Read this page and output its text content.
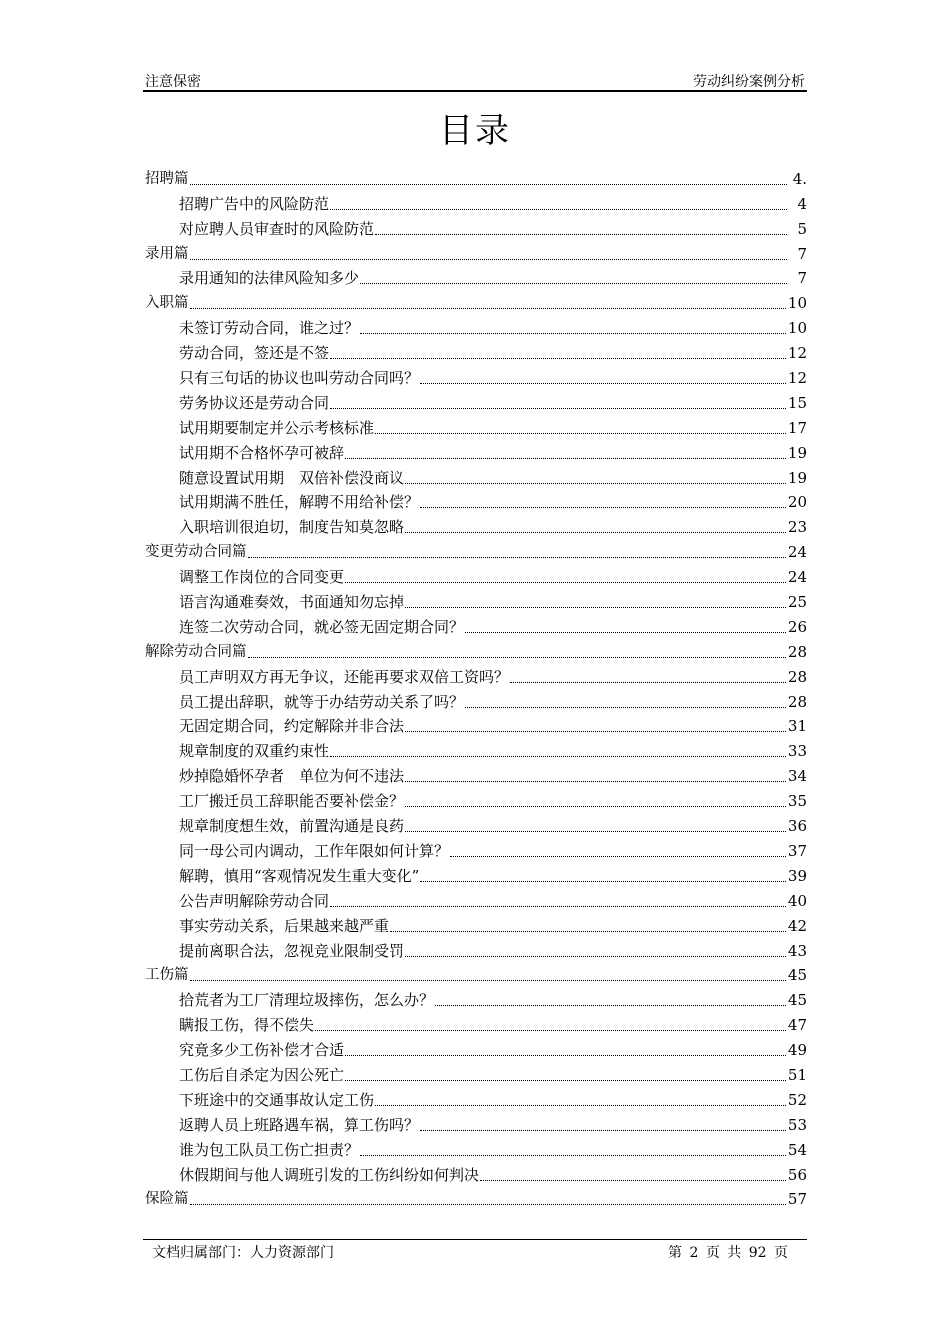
注意保密	劳动纠纷案例分析
目录
招聘篇	4.
招聘广告中的风险防范	4
对应聘人员审查时的风险防范	5
录用篇	7
录用通知的法律风险知多少	7
入职篇	10
未签订劳动合同，谁之过？	10
劳动合同，签还是不签	12
只有三句话的协议也叫劳动合同吗？	12
劳务协议还是劳动合同	15
试用期要制定并公示考核标准	17
试用期不合格怀孕可被辞	19
随意设置试用期　双倍补偿没商议	19
试用期满不胜任，解聘不用给补偿？	20
入职培训很迫切，制度告知莫忽略	23
变更劳动合同篇	24
调整工作岗位的合同变更	24
语言沟通难奏效，书面通知勿忘掉	25
连签二次劳动合同，就必签无固定期合同？	26
解除劳动合同篇	28
员工声明双方再无争议，还能再要求双倍工资吗？	28
员工提出辞职，就等于办结劳动关系了吗？	28
无固定期合同，约定解除并非合法	31
规章制度的双重约束性	33
炒掉隐婚怀孕者　单位为何不违法	34
工厂搬迁员工辞职能否要补偿金？	35
规章制度想生效，前置沟通是良药	36
同一母公司内调动，工作年限如何计算？	37
解聘，慎用“客观情况发生重大变化”	39
公告声明解除劳动合同	40
事实劳动关系，后果越来越严重	42
提前离职合法，忽视竞业限制受罚	43
工伤篇	45
拾荒者为工厂清理垃圾摔伤，怎么办？	45
瞒报工伤，得不偿失	47
究竟多少工伤补偿才合适	49
工伤后自杀定为因公死亡	51
下班途中的交通事故认定工伤	52
返聘人员上班路遇车祸，算工伤吗？	53
谁为包工队员工伤亡担责？	54
休假期间与他人调班引发的工伤纠纷如何判决	56
保险篇	57
文档归属部门：人力资源部门	第 2 页 共 92 页
